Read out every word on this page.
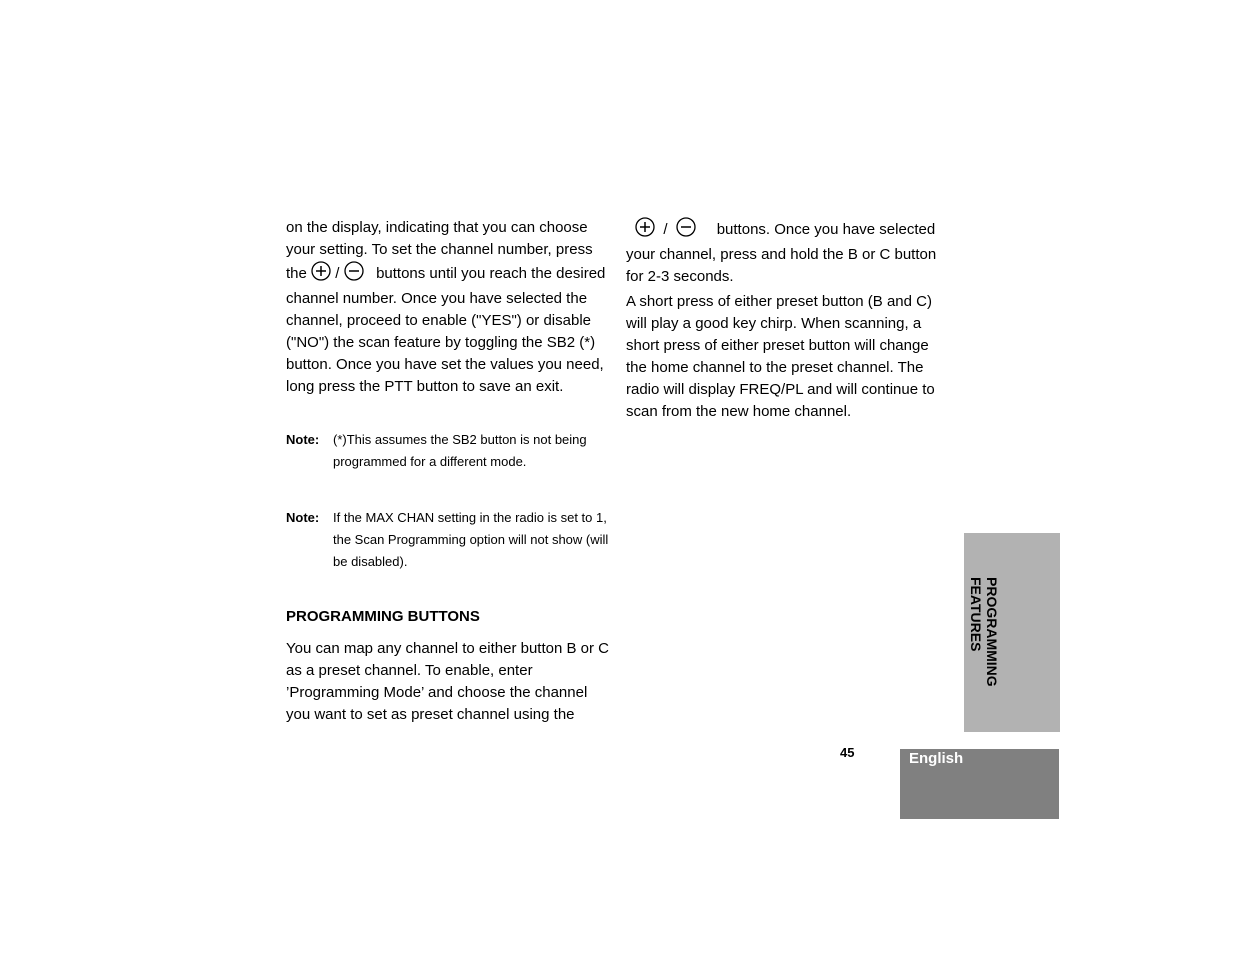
on the display, indicating that you can choose your setting. To set the channel number, press the / buttons until you reach the desired channel number. Once you have selected the channel, proceed to enable ("YES") or disable ("NO") the scan feature by toggling the SB2 (*) button. Once you have set the values you need, long press the PTT button to save an exit.

Note: (*)This assumes the SB2 button is not being programmed for a different mode.
Note: If the MAX CHAN setting in the radio is set to 1, the Scan Programming option will not show (will be disabled).
PROGRAMMING BUTTONS

You can map any channel to either button B or C as a preset channel. To enable, enter ’Programming Mode’ and choose the channel you want to set as preset channel using the

/	buttons. Once you have selected your channel, press and hold the B or C button for 2-3 seconds.

A short press of either preset button (B and C) will play a good key chirp. When scanning, a short press of either preset button will change the home channel to the preset channel. The radio will display FREQ/PL and will continue to scan from the new home channel.

PROGRAMMING FEATURES
45	English
